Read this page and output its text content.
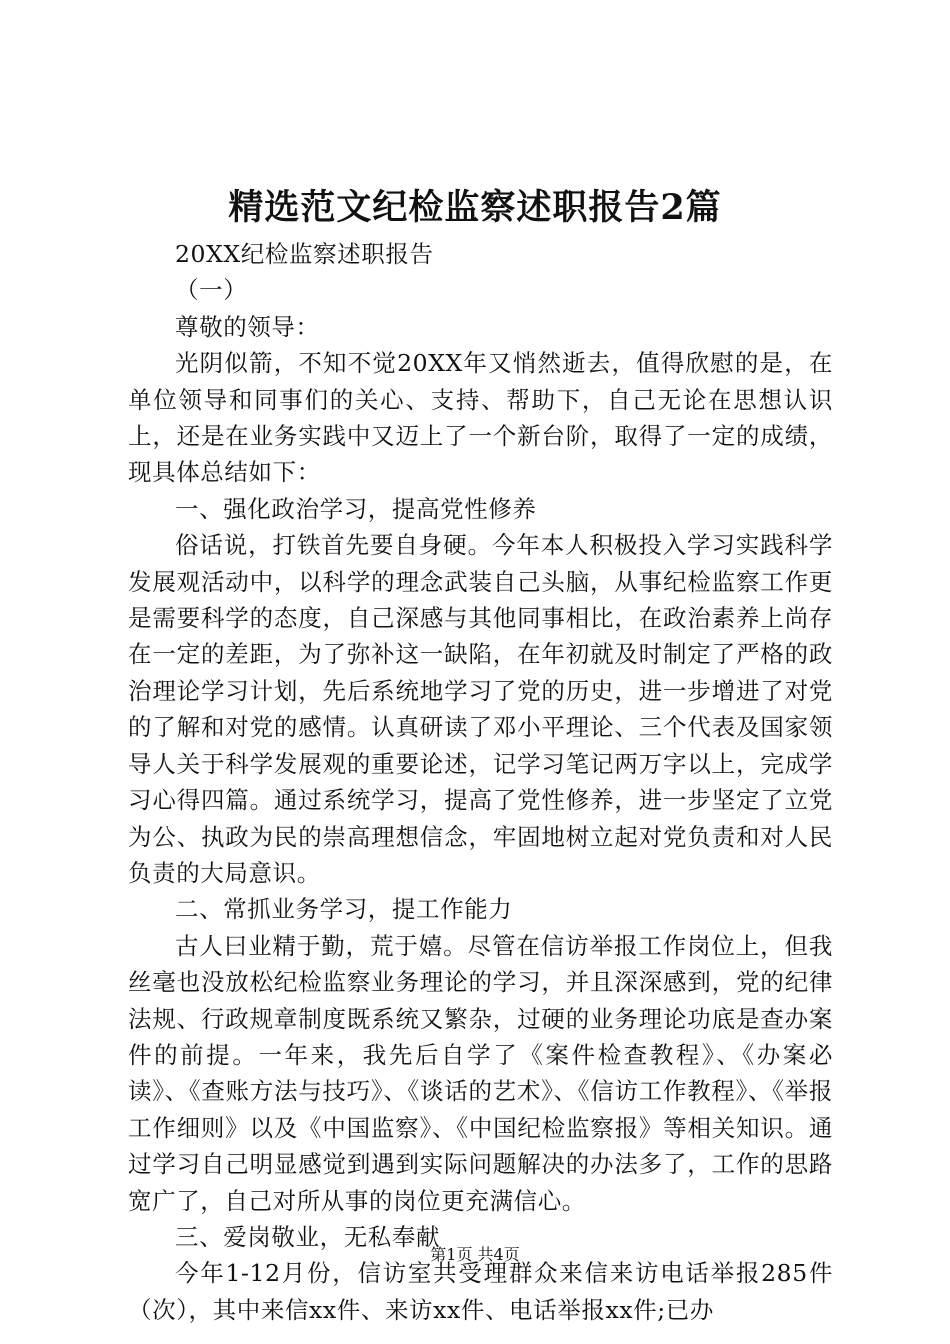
精选范文纪检监察述职报告2篇

20XX纪检监察述职报告

（一）

尊敬的领导：

光阴似箭，不知不觉20XX年又悄然逝去，值得欣慰的是，在单位领导和同事们的关心、支持、帮助下，自己无论在思想认识上，还是在业务实践中又迈上了一个新台阶，取得了一定的成绩，现具体总结如下：

一、强化政治学习，提高党性修养

俗话说，打铁首先要自身硬。今年本人积极投入学习实践科学发展观活动中，以科学的理念武装自己头脑，从事纪检监察工作更是需要科学的态度，自己深感与其他同事相比，在政治素养上尚存在一定的差距，为了弥补这一缺陷，在年初就及时制定了严格的政治理论学习计划，先后系统地学习了党的历史，进一步增进了对党的了解和对党的感情。认真研读了邓小平理论、三个代表及国家领导人关于科学发展观的重要论述，记学习笔记两万字以上，完成学习心得四篇。通过系统学习，提高了党性修养，进一步坚定了立党为公、执政为民的崇高理想信念，牢固地树立起对党负责和对人民负责的大局意识。

二、常抓业务学习，提工作能力

古人曰业精于勤，荒于嬉。尽管在信访举报工作岗位上，但我丝毫也没放松纪检监察业务理论的学习，并且深深感到，党的纪律法规、行政规章制度既系统又繁杂，过硬的业务理论功底是查办案件的前提。一年来，我先后自学了《案件检查教程》、《办案必读》、《查账方法与技巧》、《谈话的艺术》、《信访工作教程》、《举报工作细则》以及《中国监察》、《中国纪检监察报》等相关知识。通过学习自己明显感觉到遇到实际问题解决的办法多了，工作的思路宽广了，自己对所从事的岗位更充满信心。

三、爱岗敬业，无私奉献

今年1-12月份，信访室共受理群众来信来访电话举报285件（次），其中来信xx件、来访xx件、电话举报xx件;已办

第1页 共4页
